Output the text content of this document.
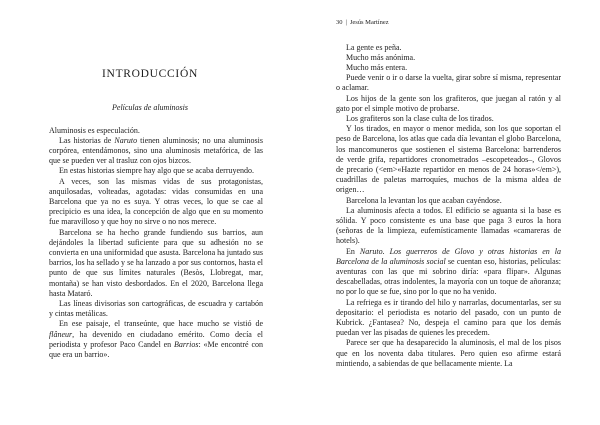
INTRODUCCIÓN
Películas de aluminosis

Aluminosis es especulación.

Las historias de Naruto tienen aluminosis; no una aluminosis corpórea, entendámonos, sino una aluminosis metafórica, de las que se pueden ver al trasluz con ojos bizcos.

En estas historias siempre hay algo que se acaba derruyendo.

A veces, son las mismas vidas de sus protagonistas, anquilosadas, volteadas, agotadas: vidas consumidas en una Barcelona que ya no es suya. Y otras veces, lo que se cae al precipicio es una idea, la concepción de algo que en su momento fue maravilloso y que hoy no sirve o no nos merece.

Barcelona se ha hecho grande fundiendo sus barrios, aun dejándoles la libertad suficiente para que su adhesión no se convierta en una uniformidad que asusta. Barcelona ha juntado sus barrios, los ha sellado y se ha lanzado a por sus contornos, hasta el punto de que sus límites naturales (Besòs, Llobregat, mar, montaña) se han visto desbordados. En el 2020, Barcelona llega hasta Mataró.

Las líneas divisorias son cartográficas, de escuadra y cartabón y cintas metálicas.

En ese paisaje, el transeúnte, que hace mucho se vistió de flâneur, ha devenido en ciudadano emérito. Como decía el periodista y profesor Paco Candel en Barrios: «Me encontré con que era un barrio».

30 | Jesús Martínez

La gente es peña.

Mucho más anónima.

Mucho más entera.

Puede venir o ir o darse la vuelta, girar sobre sí misma, representar o aclamar.

Los hijos de la gente son los grafiteros, que juegan al ratón y al gato por el simple motivo de probarse.

Los grafiteros son la clase culta de los tirados.

Y los tirados, en mayor o menor medida, son los que soportan el peso de Barcelona, los atlas que cada día levantan el globo Barcelona, los mancomuneros que sostienen el sistema Barcelona: barrenderos de verde grifa, repartidores cronometrados –escopeteados–, Glovos de precario (<em>«Hazte repartidor en menos de 24 horas»</em>), cuadrillas de paletas marroquíes, muchos de la misma aldea de origen…

Barcelona la levantan los que acaban cayéndose.

La aluminosis afecta a todos. El edificio se aguanta si la base es sólida. Y poco consistente es una base que paga 3 euros la hora (señoras de la limpieza, eufemísticamente llamadas «camareras de hotels).

En Naruto. Los guerreros de Glovo y otras historias en la Barcelona de la aluminosis social se cuentan eso, historias, películas: aventuras con las que mi sobrino diría: «para flipar». Algunas descabelladas, otras indolentes, la mayoría con un toque de añoranza; no por lo que se fue, sino por lo que no ha venido.

La refriega es ir tirando del hilo y narrarlas, documentarlas, ser su depositario: el periodista es notario del pasado, con un punto de Kubrick. ¿Fantasea? No, despeja el camino para que los demás puedan ver las pisadas de quienes les precedem.

Parece ser que ha desaparecido la aluminosis, el mal de los pisos que en los noventa daba titulares. Pero quien eso afirme estará mintiendo, a sabiendas de que bellacamente miente. La
